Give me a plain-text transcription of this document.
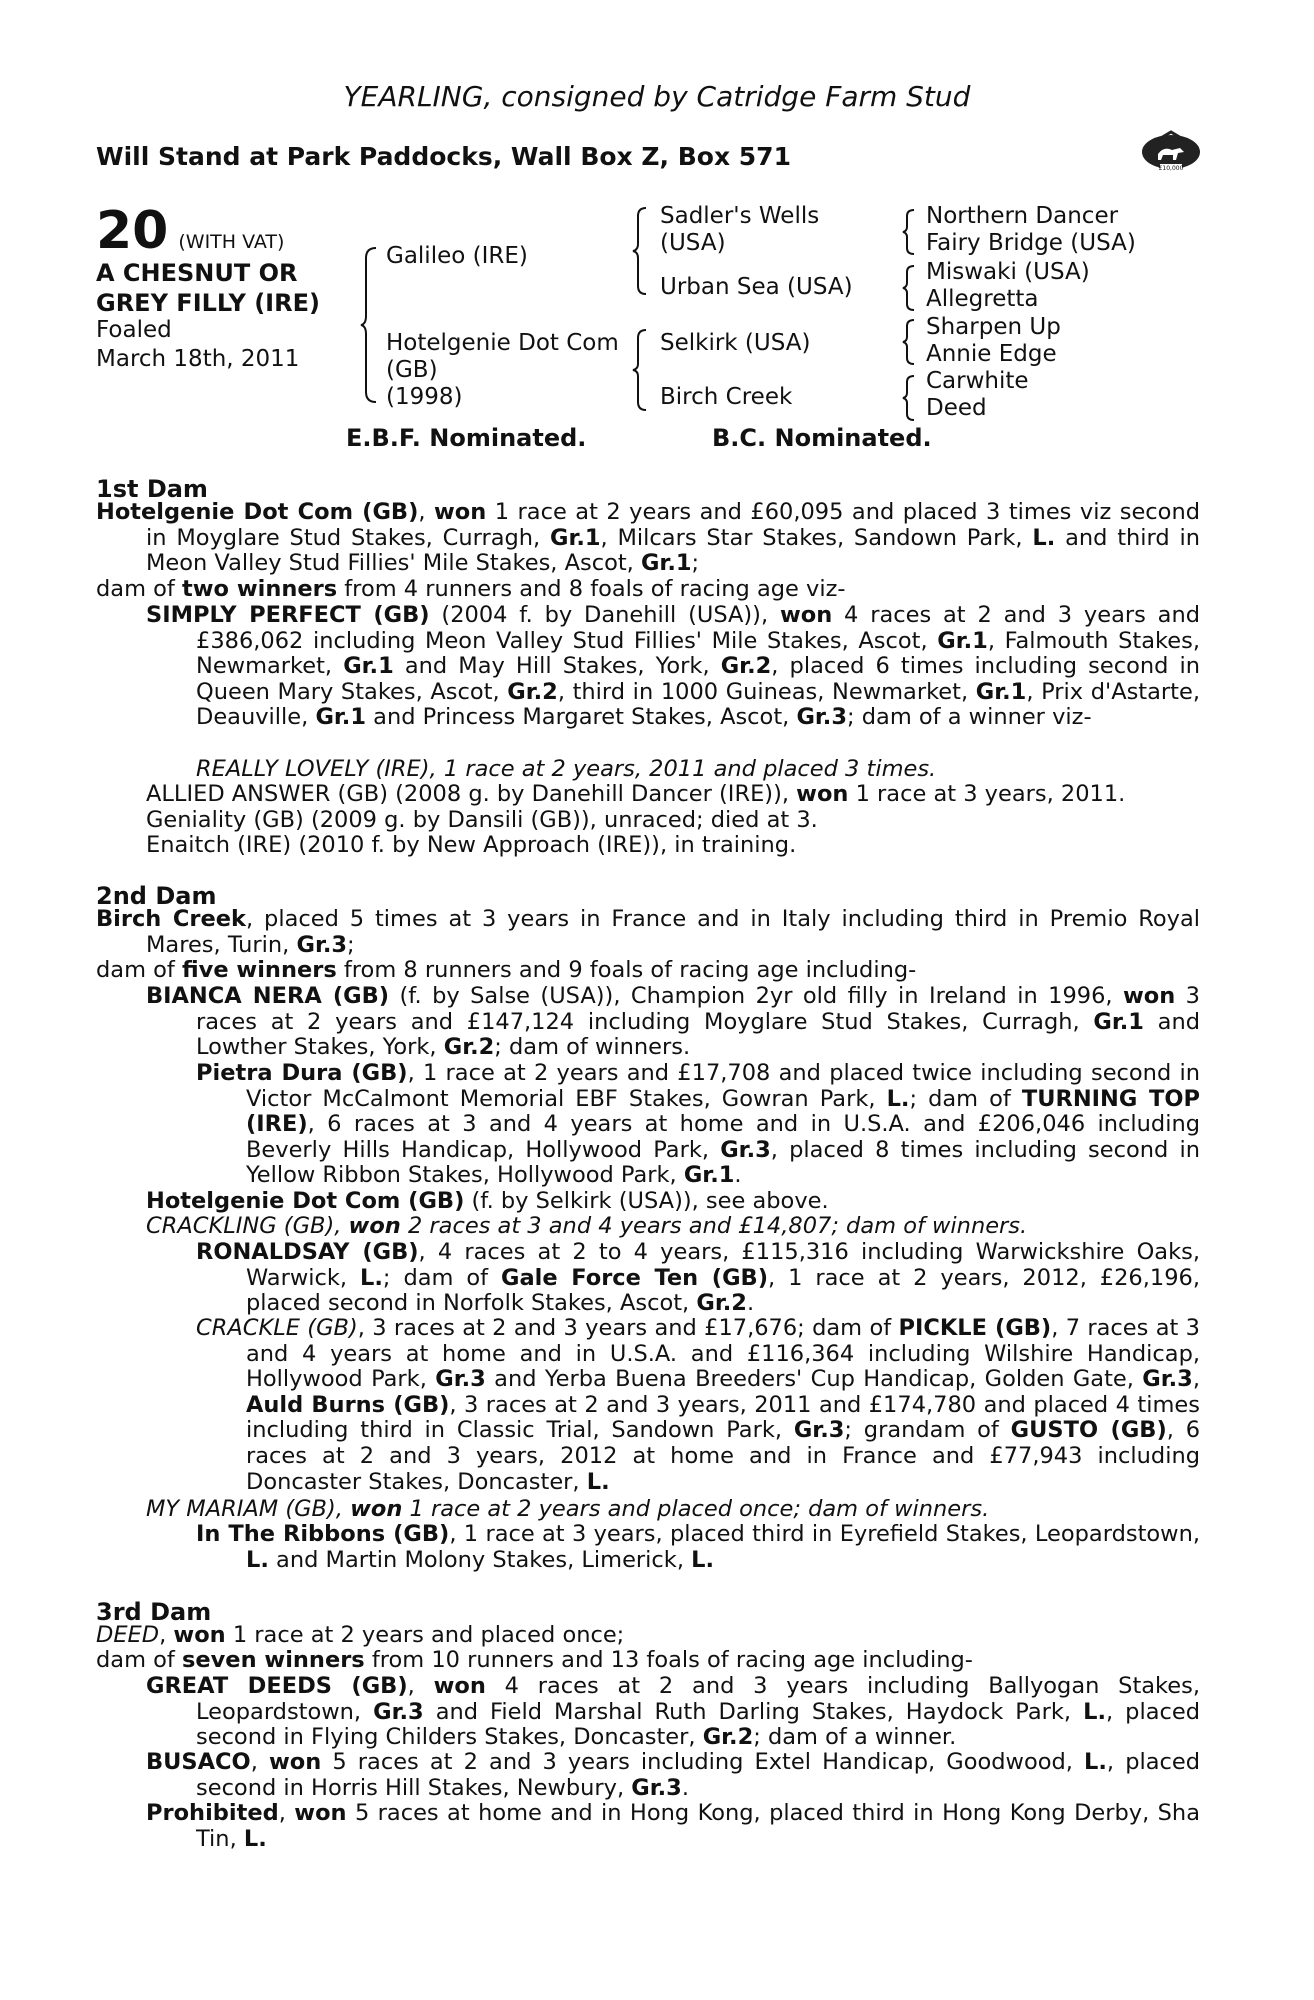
YEARLING, consigned by Catridge Farm Stud
Will Stand at Park Paddocks, Wall Box Z, Box 571	£10,000
20 (WITH VAT)
A CHESNUT OR
GREY FILLY (IRE)
Foaled
March 18th, 2011
Galileo (IRE)
Hotelgenie Dot Com
(GB)
(1998)
Sadler's Wells
(USA)
Urban Sea (USA)
Selkirk (USA)
Birch Creek
Northern Dancer
Fairy Bridge (USA)
Miswaki (USA)
Allegretta
Sharpen Up
Annie Edge
Carwhite
Deed
E.B.F. Nominated.	B.C. Nominated.
1st Dam
Hotelgenie Dot Com (GB), won 1 race at 2 years and £60,095 and placed 3 times viz second in Moyglare Stud Stakes, Curragh, Gr.1, Milcars Star Stakes, Sandown Park, L. and third in Meon Valley Stud Fillies' Mile Stakes, Ascot, Gr.1;
dam of two winners from 4 runners and 8 foals of racing age viz-
SIMPLY PERFECT (GB) (2004 f. by Danehill (USA)), won 4 races at 2 and 3 years and £386,062 including Meon Valley Stud Fillies' Mile Stakes, Ascot, Gr.1, Falmouth Stakes, Newmarket, Gr.1 and May Hill Stakes, York, Gr.2, placed 6 times including second in Queen Mary Stakes, Ascot, Gr.2, third in 1000 Guineas, Newmarket, Gr.1, Prix d'Astarte, Deauville, Gr.1 and Princess Margaret Stakes, Ascot, Gr.3; dam of a winner viz-
REALLY LOVELY (IRE), 1 race at 2 years, 2011 and placed 3 times.
ALLIED ANSWER (GB) (2008 g. by Danehill Dancer (IRE)), won 1 race at 3 years, 2011.
Geniality (GB) (2009 g. by Dansili (GB)), unraced; died at 3.
Enaitch (IRE) (2010 f. by New Approach (IRE)), in training.
2nd Dam
Birch Creek, placed 5 times at 3 years in France and in Italy including third in Premio Royal Mares, Turin, Gr.3;
dam of five winners from 8 runners and 9 foals of racing age including-
BIANCA NERA (GB) (f. by Salse (USA)), Champion 2yr old filly in Ireland in 1996, won 3 races at 2 years and £147,124 including Moyglare Stud Stakes, Curragh, Gr.1 and Lowther Stakes, York, Gr.2; dam of winners.
Pietra Dura (GB), 1 race at 2 years and £17,708 and placed twice including second in Victor McCalmont Memorial EBF Stakes, Gowran Park, L.; dam of TURNING TOP (IRE), 6 races at 3 and 4 years at home and in U.S.A. and £206,046 including Beverly Hills Handicap, Hollywood Park, Gr.3, placed 8 times including second in Yellow Ribbon Stakes, Hollywood Park, Gr.1.
Hotelgenie Dot Com (GB) (f. by Selkirk (USA)), see above.
CRACKLING (GB), won 2 races at 3 and 4 years and £14,807; dam of winners.
RONALDSAY (GB), 4 races at 2 to 4 years, £115,316 including Warwickshire Oaks, Warwick, L.; dam of Gale Force Ten (GB), 1 race at 2 years, 2012, £26,196, placed second in Norfolk Stakes, Ascot, Gr.2.
CRACKLE (GB), 3 races at 2 and 3 years and £17,676; dam of PICKLE (GB), 7 races at 3 and 4 years at home and in U.S.A. and £116,364 including Wilshire Handicap, Hollywood Park, Gr.3 and Yerba Buena Breeders' Cup Handicap, Golden Gate, Gr.3, Auld Burns (GB), 3 races at 2 and 3 years, 2011 and £174,780 and placed 4 times including third in Classic Trial, Sandown Park, Gr.3; grandam of GUSTO (GB), 6 races at 2 and 3 years, 2012 at home and in France and £77,943 including Doncaster Stakes, Doncaster, L.
MY MARIAM (GB), won 1 race at 2 years and placed once; dam of winners.
In The Ribbons (GB), 1 race at 3 years, placed third in Eyrefield Stakes, Leopardstown, L. and Martin Molony Stakes, Limerick, L.
3rd Dam
DEED, won 1 race at 2 years and placed once;
dam of seven winners from 10 runners and 13 foals of racing age including-
GREAT DEEDS (GB), won 4 races at 2 and 3 years including Ballyogan Stakes, Leopardstown, Gr.3 and Field Marshal Ruth Darling Stakes, Haydock Park, L., placed second in Flying Childers Stakes, Doncaster, Gr.2; dam of a winner.
BUSACO, won 5 races at 2 and 3 years including Extel Handicap, Goodwood, L., placed second in Horris Hill Stakes, Newbury, Gr.3.
Prohibited, won 5 races at home and in Hong Kong, placed third in Hong Kong Derby, Sha Tin, L.
